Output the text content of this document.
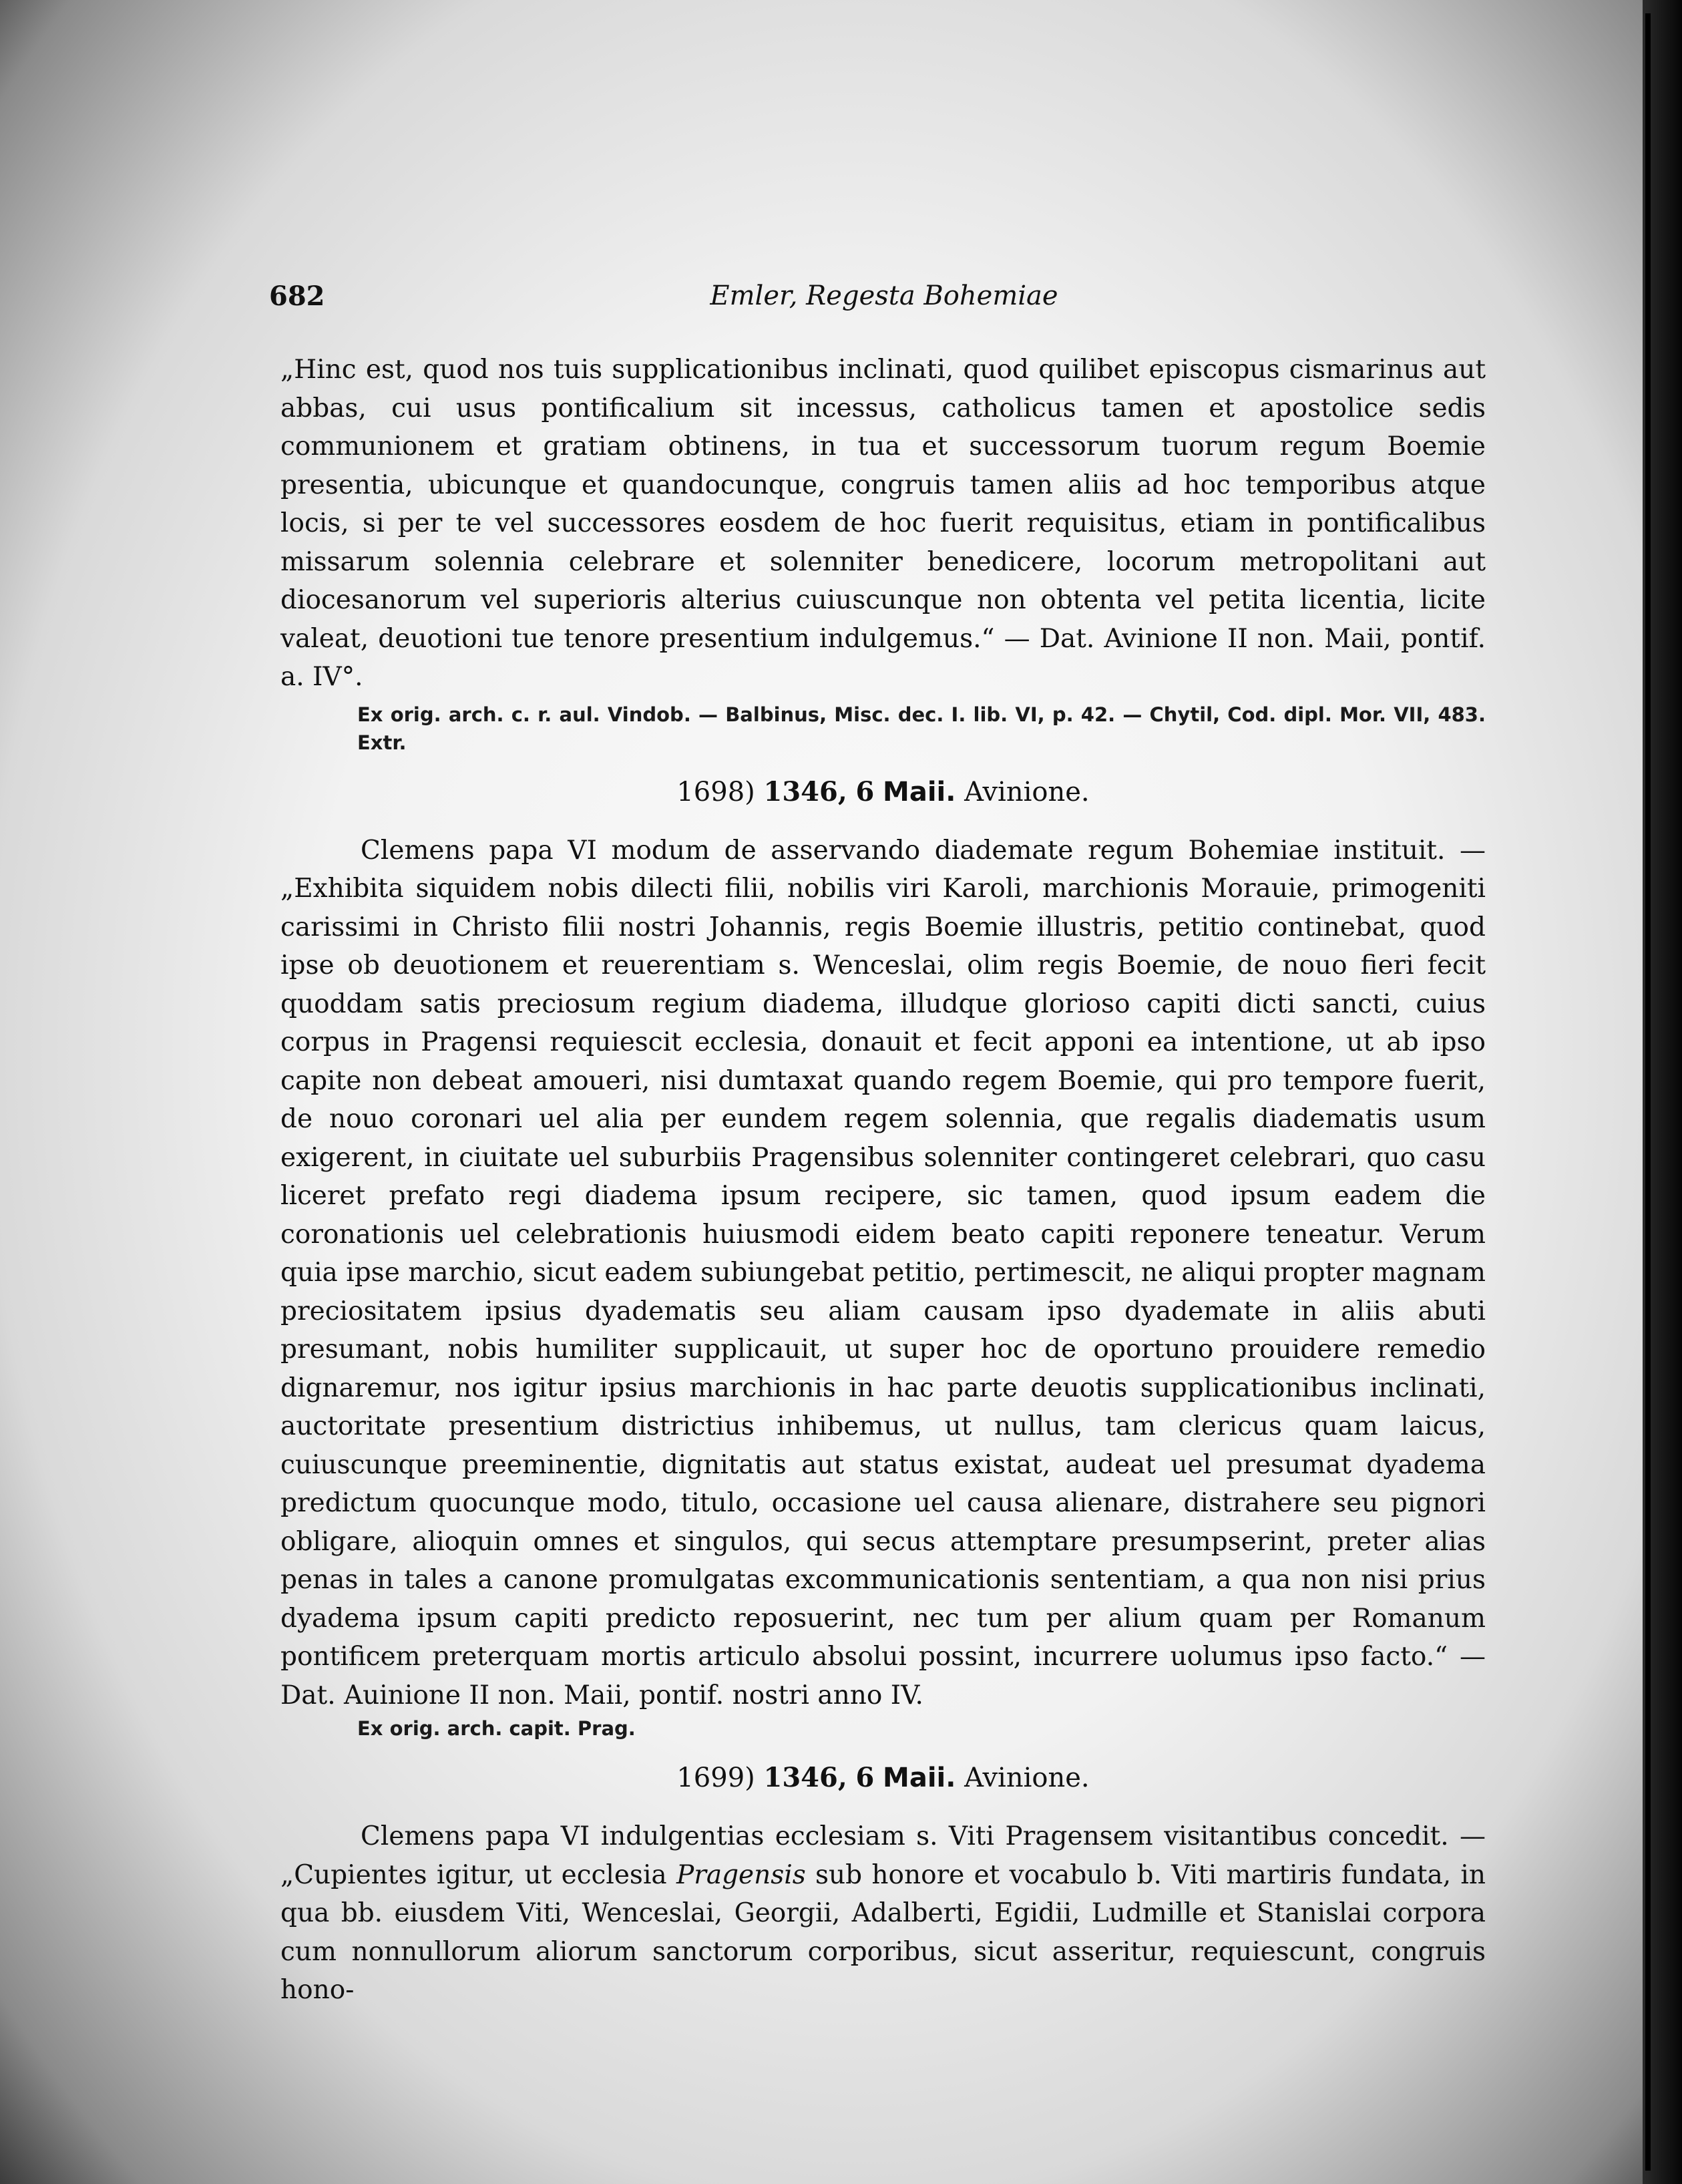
682	Emler, Regesta Bohemiae

„Hinc est, quod nos tuis supplicationibus inclinati, quod quilibet episcopus cismarinus aut abbas, cui usus pontificalium sit incessus, catholicus tamen et apostolice sedis communionem et gratiam obtinens, in tua et successorum tuorum regum Boemie presentia, ubicunque et quandocunque, congruis tamen aliis ad hoc temporibus atque locis, si per te vel successores eosdem de hoc fuerit requisitus, etiam in pontificalibus missarum solennia celebrare et solenniter benedicere, locorum metropolitani aut diocesanorum vel superioris alterius cuiuscunque non obtenta vel petita licentia, licite valeat, deuotioni tue tenore presentium indulgemus.“ — Dat. Avinione II non. Maii, pontif. a. IV°.

Ex orig. arch. c. r. aul. Vindob. — Balbinus, Misc. dec. I. lib. VI, p. 42. — Chytil, Cod. dipl. Mor. VII, 483. Extr.

1698) 1346, 6 Maii. Avinione.

Clemens papa VI modum de asservando diademate regum Bohemiae instituit. — „Exhibita siquidem nobis dilecti filii, nobilis viri Karoli, marchionis Morauie, primogeniti carissimi in Christo filii nostri Johannis, regis Boemie illustris, petitio continebat, quod ipse ob deuotionem et reuerentiam s. Wenceslai, olim regis Boemie, de nouo fieri fecit quoddam satis preciosum regium diadema, illudque glorioso capiti dicti sancti, cuius corpus in Pragensi requiescit ecclesia, donauit et fecit apponi ea intentione, ut ab ipso capite non debeat amoueri, nisi dumtaxat quando regem Boemie, qui pro tempore fuerit, de nouo coronari uel alia per eundem regem solennia, que regalis diadematis usum exigerent, in ciuitate uel suburbiis Pragensibus solenniter contingeret celebrari, quo casu liceret prefato regi diadema ipsum recipere, sic tamen, quod ipsum eadem die coronationis uel celebrationis huiusmodi eidem beato capiti reponere teneatur. Verum quia ipse marchio, sicut eadem subiungebat petitio, pertimescit, ne aliqui propter magnam preciositatem ipsius dyadematis seu aliam causam ipso dyademate in aliis abuti presumant, nobis humiliter supplicauit, ut super hoc de oportuno prouidere remedio dignaremur, nos igitur ipsius marchionis in hac parte deuotis supplicationibus inclinati, auctoritate presentium districtius inhibemus, ut nullus, tam clericus quam laicus, cuiuscunque preeminentie, dignitatis aut status existat, audeat uel presumat dyadema predictum quocunque modo, titulo, occasione uel causa alienare, distrahere seu pignori obligare, alioquin omnes et singulos, qui secus attemptare presumpserint, preter alias penas in tales a canone promulgatas excommunicationis sententiam, a qua non nisi prius dyadema ipsum capiti predicto reposuerint, nec tum per alium quam per Romanum pontificem preterquam mortis articulo absolui possint, incurrere uolumus ipso facto.“ — Dat. Auinione II non. Maii, pontif. nostri anno IV.

Ex orig. arch. capit. Prag.

1699) 1346, 6 Maii. Avinione.

Clemens papa VI indulgentias ecclesiam s. Viti Pragensem visitantibus concedit. — „Cupientes igitur, ut ecclesia Pragensis sub honore et vocabulo b. Viti martiris fundata, in qua bb. eiusdem Viti, Wenceslai, Georgii, Adalberti, Egidii, Ludmille et Stanislai corpora cum nonnullorum aliorum sanctorum corporibus, sicut asseritur, requiescunt, congruis hono-
